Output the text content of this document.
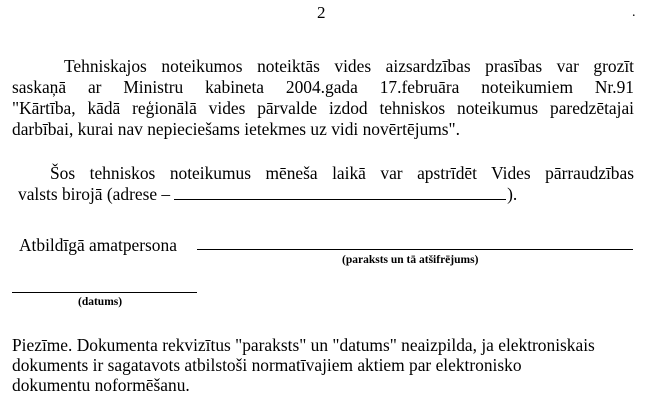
2	.
Tehniskajos noteikumos noteiktās vides aizsardzības prasības var grozīt
saskaņā ar Ministru kabineta 2004.gada 17.februāra noteikumiem Nr.91
"Kārtība, kādā reģionālā vides pārvalde izdod tehniskos noteikumus paredzētajai
darbībai, kurai nav nepieciešams ietekmes uz vidi novērtējums".
Šos tehniskos noteikumus mēneša laikā var apstrīdēt Vides pārraudzības
valsts birojā (adrese –	).
Atbildīgā amatpersona
(paraksts un tā atšifrējums)
(datums)
Piezīme. Dokumenta rekvizītus "paraksts" un "datums" neaizpilda, ja elektroniskais
dokuments ir sagatavots atbilstoši normatīvajiem aktiem par elektronisko
dokumentu noformēšanu.
